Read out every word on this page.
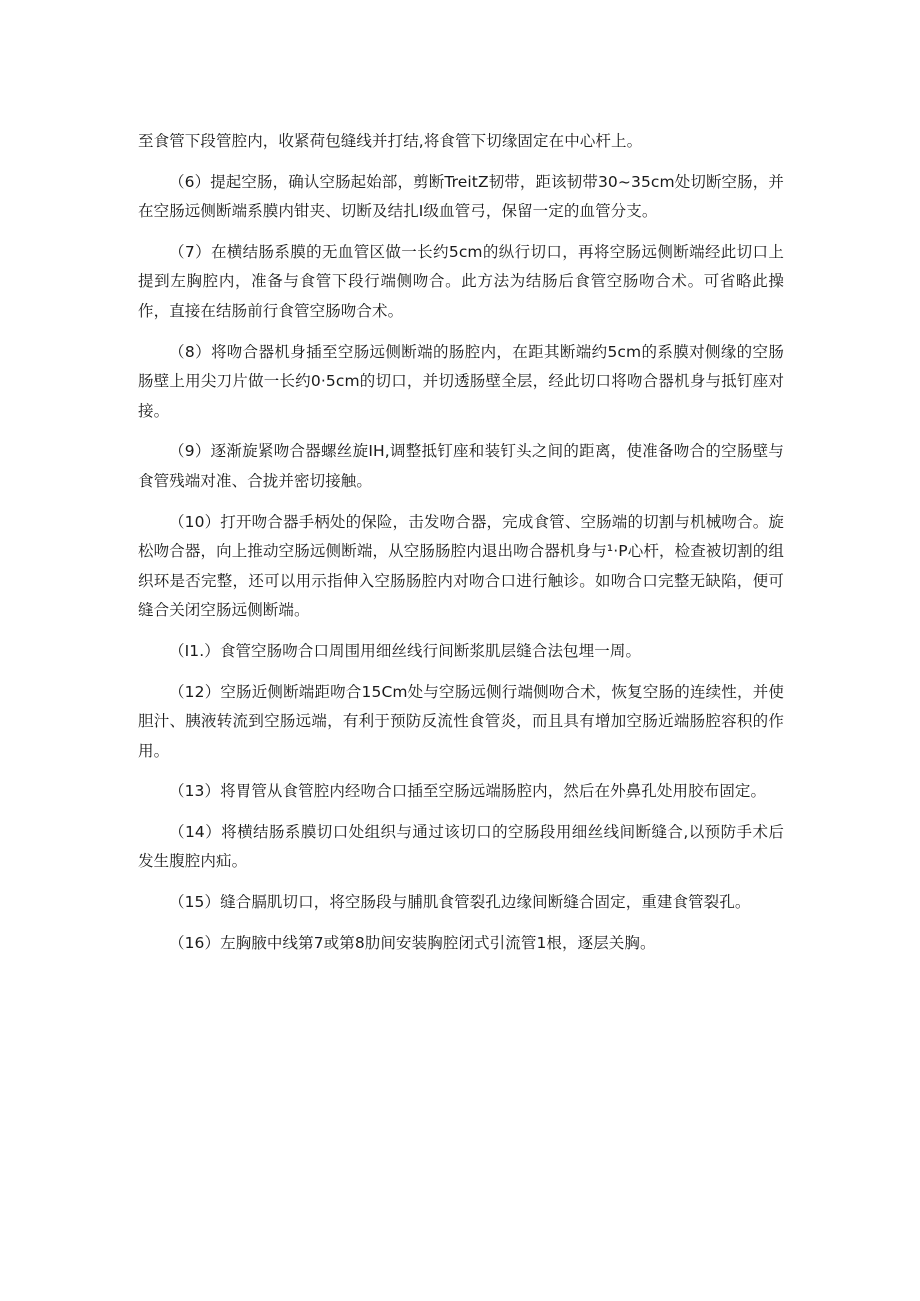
至食管下段管腔内，收紧荷包缝线并打结,将食管下切缘固定在中心杆上。

（6）提起空肠，确认空肠起始部，剪断TreitZ韧带，距该韧带30~35cm处切断空肠，并在空肠远侧断端系膜内钳夹、切断及结扎I级血管弓，保留一定的血管分支。

（7）在横结肠系膜的无血管区做一长约5cm的纵行切口，再将空肠远侧断端经此切口上提到左胸腔内，准备与食管下段行端侧吻合。此方法为结肠后食管空肠吻合术。可省略此操作，直接在结肠前行食管空肠吻合术。

（8）将吻合器机身插至空肠远侧断端的肠腔内，在距其断端约5cm的系膜对侧缘的空肠肠壁上用尖刀片做一长约0·5cm的切口，并切透肠壁全层，经此切口将吻合器机身与抵钉座对接。

（9）逐渐旋紧吻合器螺丝旋IH,调整抵钉座和装钉头之间的距离，使准备吻合的空肠壁与食管残端对准、合拢并密切接触。

（10）打开吻合器手柄处的保险，击发吻合器，完成食管、空肠端的切割与机械吻合。旋松吻合器，向上推动空肠远侧断端，从空肠肠腔内退出吻合器机身与¹·P心杆，检查被切割的组织环是否完整，还可以用示指伸入空肠肠腔内对吻合口进行触诊。如吻合口完整无缺陷，便可缝合关闭空肠远侧断端。

（I1.）食管空肠吻合口周围用细丝线行间断浆肌层缝合法包埋一周。

（12）空肠近侧断端距吻合15Cm处与空肠远侧行端侧吻合术，恢复空肠的连续性，并使胆汁、胰液转流到空肠远端，有利于预防反流性食管炎，而且具有增加空肠近端肠腔容积的作用。

（13）将胃管从食管腔内经吻合口插至空肠远端肠腔内，然后在外鼻孔处用胶布固定。

（14）将横结肠系膜切口处组织与通过该切口的空肠段用细丝线间断缝合,以预防手术后发生腹腔内疝。

（15）缝合膈肌切口，将空肠段与脯肌食管裂孔边缘间断缝合固定，重建食管裂孔。

（16）左胸腋中线第7或第8肋间安装胸腔闭式引流管1根，逐层关胸。
